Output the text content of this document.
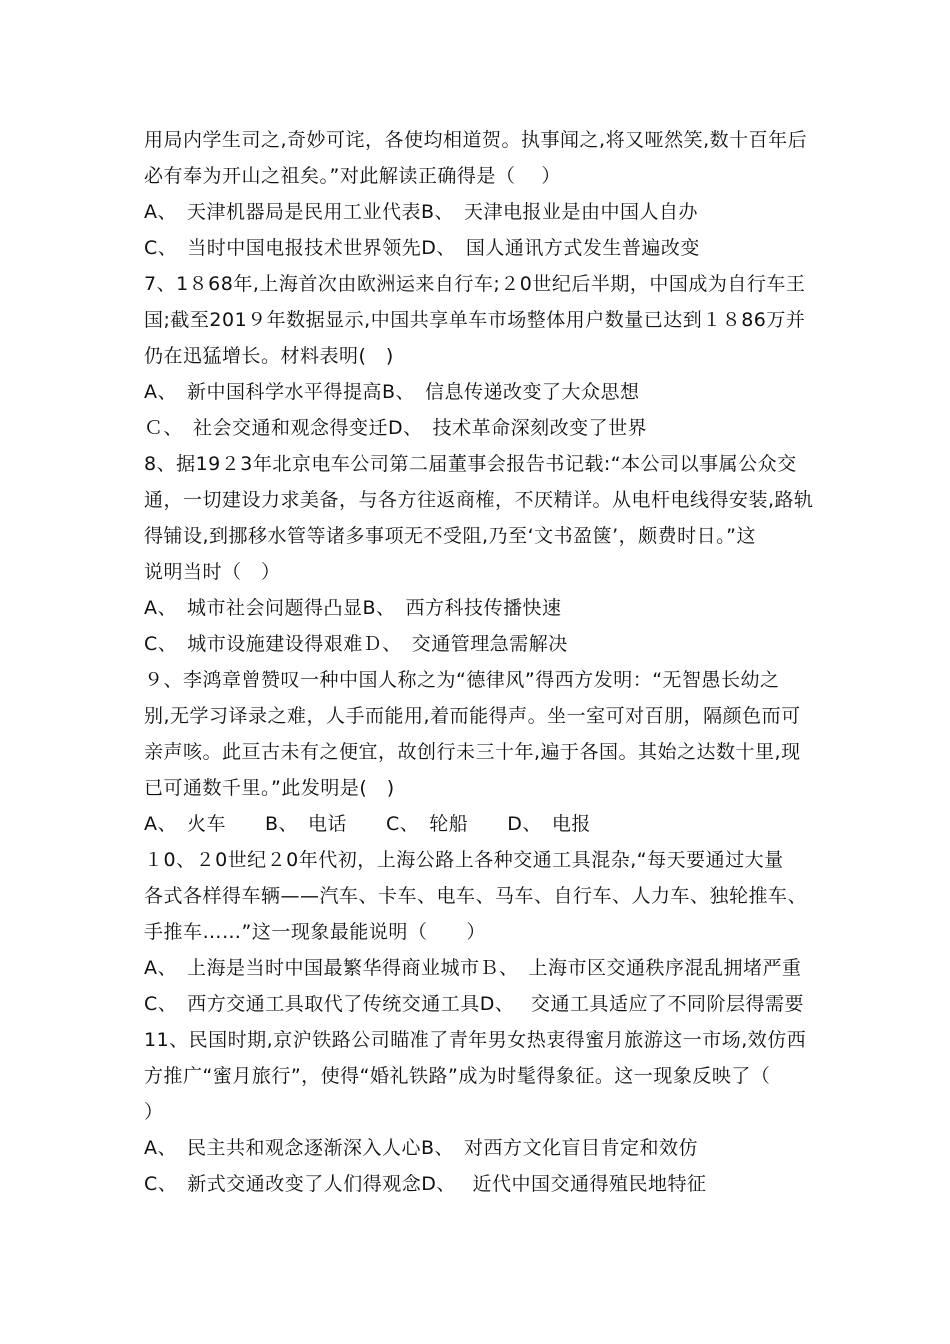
用局内学生司之,奇妙可诧，各使均相道贺。执事闻之,将又哑然笑,数十百年后
必有奉为开山之祖矣。”对此解读正确得是（　 ）
A、　天津机器局是民用工业代表B、　天津电报业是由中国人自办
C、　当时中国电报技术世界领先D、　国人通讯方式发生普遍改变
7、1８68年,上海首次由欧洲运来自行车;２0世纪后半期，中国成为自行车王
国;截至201９年数据显示,中国共享单车市场整体用户数量已达到１８86万并
仍在迅猛增长。材料表明(　)
A、　新中国科学水平得提高B、　信息传递改变了大众思想
Ｃ、　社会交通和观念得变迁D、　技术革命深刻改变了世界
8、据19２3年北京电车公司第二届董事会报告书记载:“本公司以事属公众交
通，一切建设力求美备，与各方往返商榷，不厌精详。从电杆电线得安装,路轨
得铺设,到挪移水管等诸多事项无不受阻,乃至‘文书盈箧’，颇费时日。”这
说明当时（　）
A、　城市社会问题得凸显B、　西方科技传播快速
C、　城市设施建设得艰难Ｄ、　交通管理急需解决
９、李鸿章曾赞叹一种中国人称之为“德律风”得西方发明：“无智愚长幼之
别,无学习译录之难，人手而能用,着而能得声。坐一室可对百朋，隔颜色而可
亲声咳。此亘古未有之便宜，故创行未三十年,遍于各国。其始之达数十里,现
已可通数千里。”此发明是(　)
A、　火车　　B、　电话　　C、　轮船　　D、　电报
１0、２0世纪２0年代初，上海公路上各种交通工具混杂,“每天要通过大量
各式各样得车辆——汽车、卡车、电车、马车、自行车、人力车、独轮推车、
手推车……”这一现象最能说明（　　）
A、　上海是当时中国最繁华得商业城市Ｂ、　上海市区交通秩序混乱拥堵严重
C、　西方交通工具取代了传统交通工具D、　 交通工具适应了不同阶层得需要
11、民国时期,京沪铁路公司瞄准了青年男女热衷得蜜月旅游这一市场,效仿西
方推广“蜜月旅行”，使得“婚礼铁路”成为时髦得象征。这一现象反映了（
）
A、　民主共和观念逐渐深入人心B、　对西方文化盲目肯定和效仿
C、　新式交通改变了人们得观念D、　 近代中国交通得殖民地特征
